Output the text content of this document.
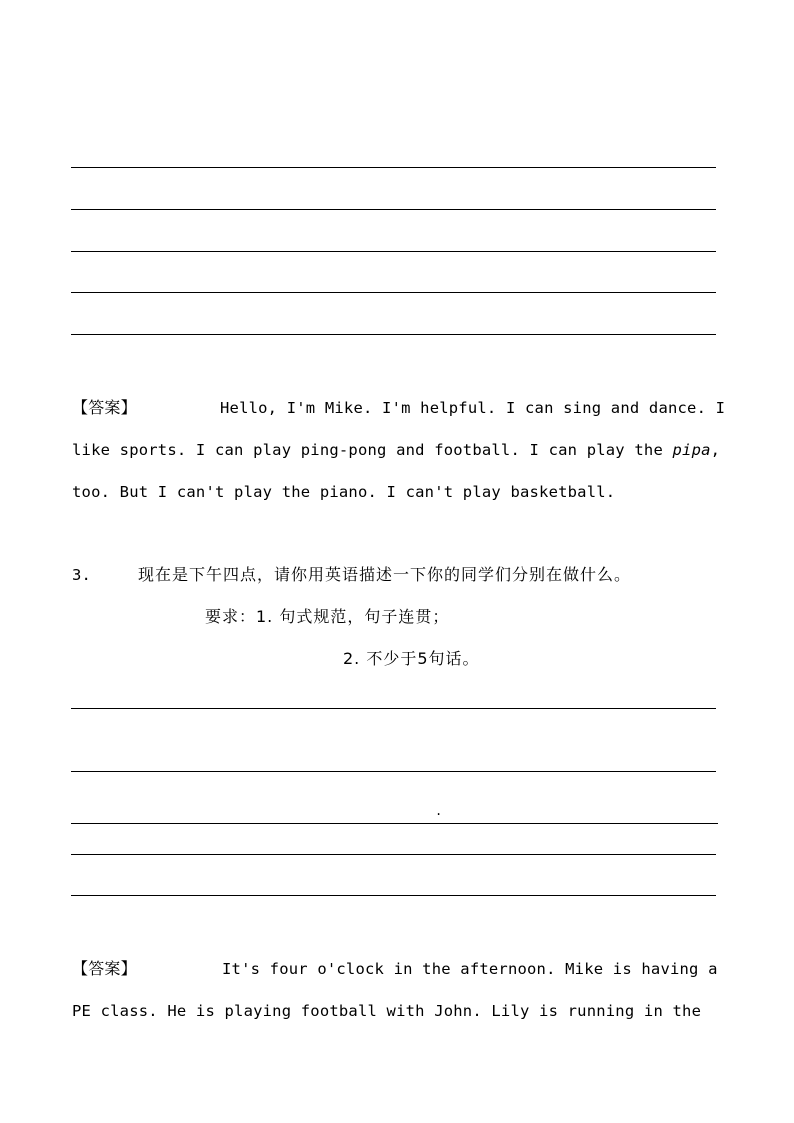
【答案】	Hello, I'm Mike. I'm helpful. I can sing and dance. I
like sports. I can play ping-pong and football. I can play the pipa,
too. But I can't play the piano. I can't play basketball.
3.	现在是下午四点，请你用英语描述一下你的同学们分别在做什么。
要求：1. 句式规范，句子连贯；
2. 不少于5句话。
.
【答案】	It's four o'clock in the afternoon. Mike is having a
PE class. He is playing football with John. Lily is running in the
